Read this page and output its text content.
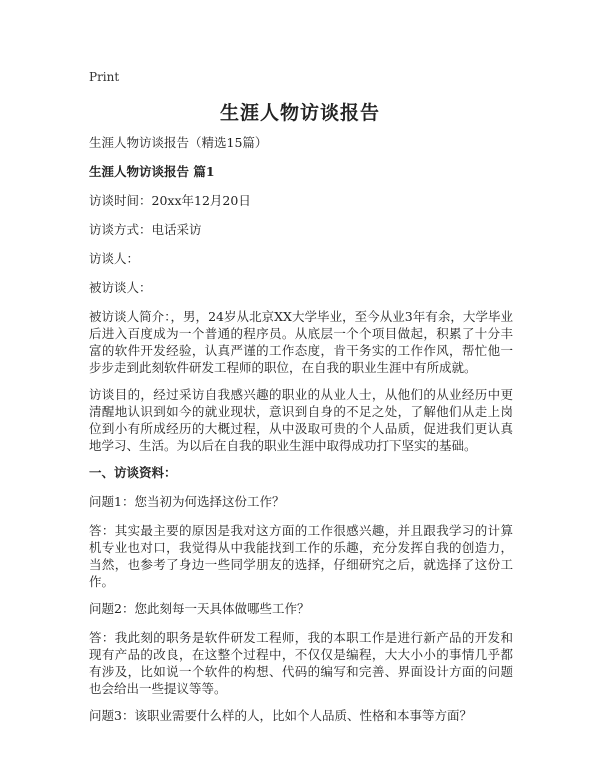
Print
生涯人物访谈报告

生涯人物访谈报告（精选15篇）

生涯人物访谈报告 篇1

访谈时间：20xx年12月20日

访谈方式：电话采访

访谈人：

被访谈人：

被访谈人简介：，男，24岁从北京XX大学毕业，至今从业3年有余，大学毕业后进入百度成为一个普通的程序员。从底层一个个项目做起，积累了十分丰富的软件开发经验，认真严谨的工作态度，肯干务实的工作作风，帮忙他一步步走到此刻软件研发工程师的职位，在自我的职业生涯中有所成就。

访谈目的，经过采访自我感兴趣的职业的从业人士，从他们的从业经历中更清醒地认识到如今的就业现状，意识到自身的不足之处，了解他们从走上岗位到小有所成经历的大概过程，从中汲取可贵的个人品质，促进我们更认真地学习、生活。为以后在自我的职业生涯中取得成功打下坚实的基础。

一、访谈资料：

问题1：您当初为何选择这份工作？

答：其实最主要的原因是我对这方面的工作很感兴趣，并且跟我学习的计算机专业也对口，我觉得从中我能找到工作的乐趣，充分发挥自我的创造力，当然，也参考了身边一些同学朋友的选择，仔细研究之后，就选择了这份工作。

问题2：您此刻每一天具体做哪些工作？

答：我此刻的职务是软件研发工程师，我的本职工作是进行新产品的开发和现有产品的改良，在这整个过程中，不仅仅是编程，大大小小的事情几乎都有涉及，比如说一个软件的构想、代码的编写和完善、界面设计方面的问题也会给出一些提议等等。

问题3：该职业需要什么样的人，比如个人品质、性格和本事等方面？
